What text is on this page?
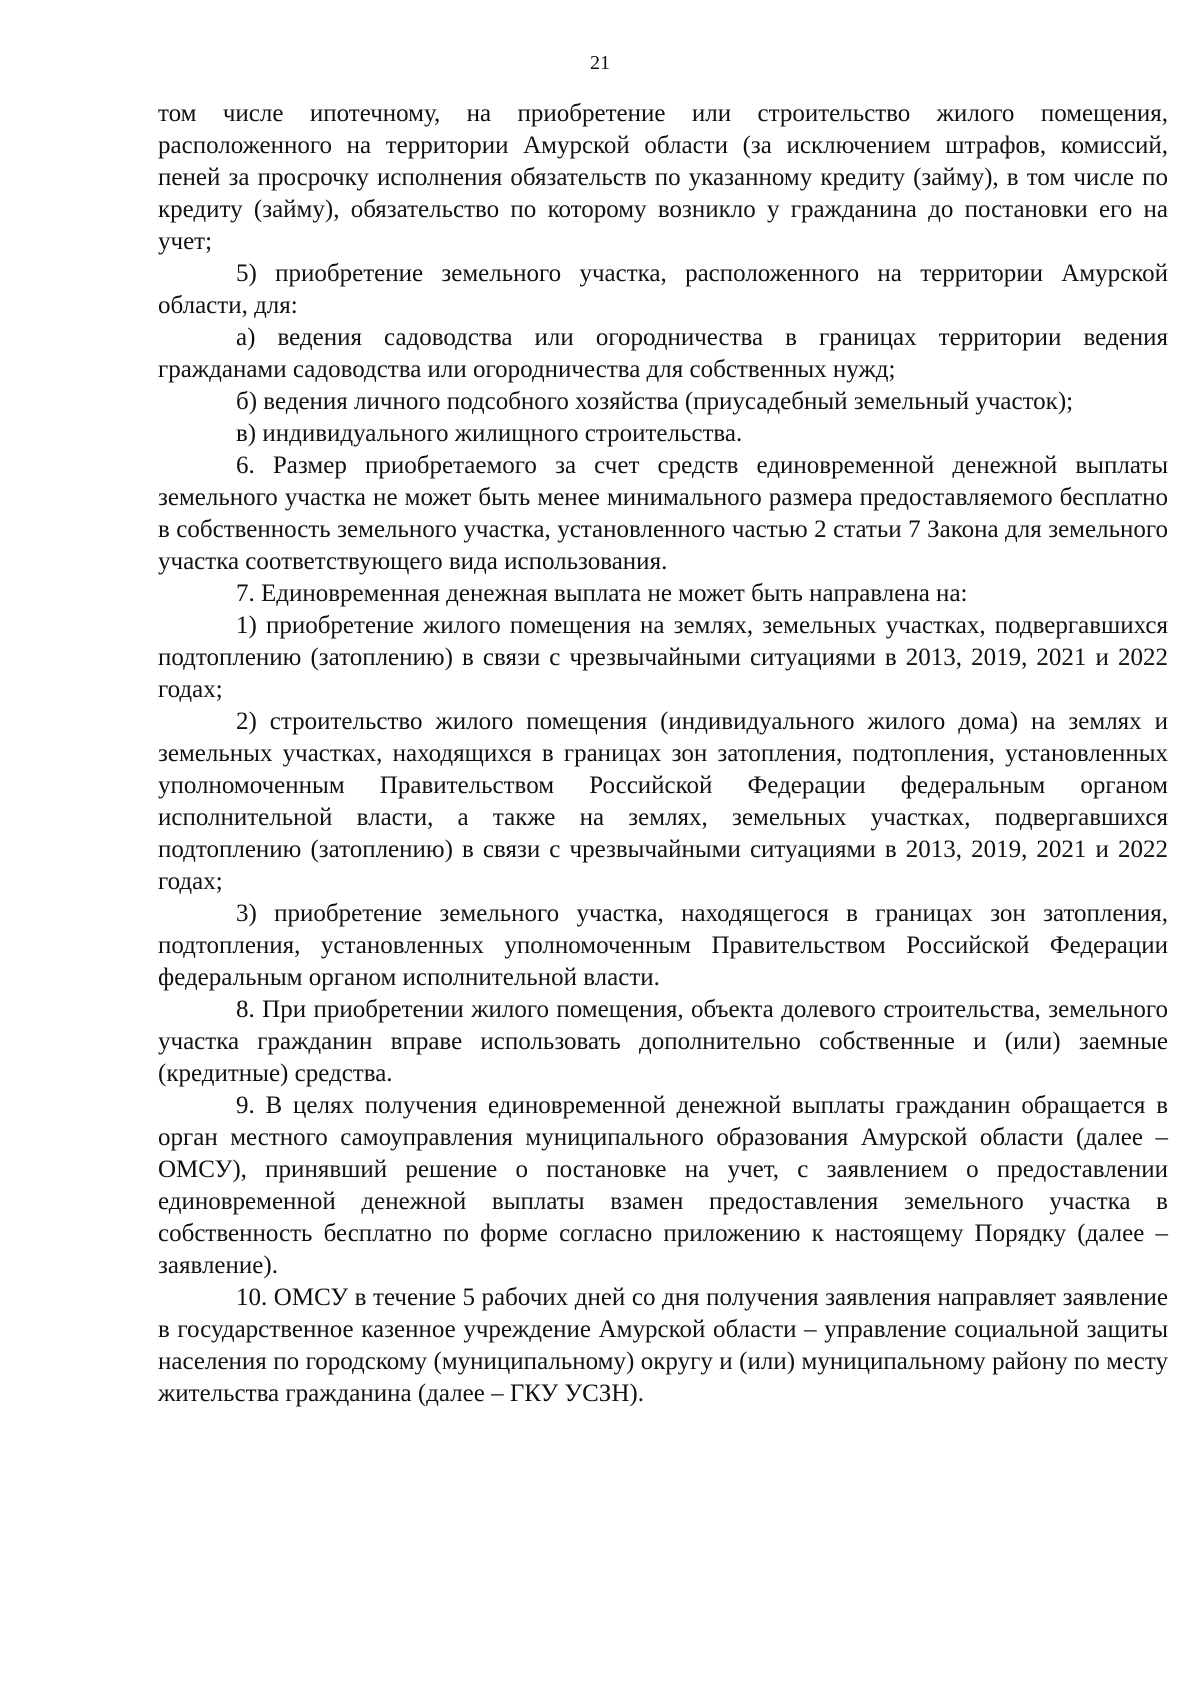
21

том числе ипотечному, на приобретение или строительство жилого помещения, расположенного на территории Амурской области (за исключением штрафов, комиссий, пеней за просрочку исполнения обязательств по указанному кредиту (займу), в том числе по кредиту (займу), обязательство по которому возникло у гражданина до постановки его на учет;

5) приобретение земельного участка, расположенного на территории Амурской области, для:

а) ведения садоводства или огородничества в границах территории ведения гражданами садоводства или огородничества для собственных нужд;

б) ведения личного подсобного хозяйства (приусадебный земельный участок);

в) индивидуального жилищного строительства.

6. Размер приобретаемого за счет средств единовременной денежной выплаты земельного участка не может быть менее минимального размера предоставляемого бесплатно в собственность земельного участка, установленного частью 2 статьи 7 Закона для земельного участка соответствующего вида использования.

7. Единовременная денежная выплата не может быть направлена на:

1) приобретение жилого помещения на землях, земельных участках, подвергавшихся подтоплению (затоплению) в связи с чрезвычайными ситуациями в 2013, 2019, 2021 и 2022 годах;

2) строительство жилого помещения (индивидуального жилого дома) на землях и земельных участках, находящихся в границах зон затопления, подтопления, установленных уполномоченным Правительством Российской Федерации федеральным органом исполнительной власти, а также на землях, земельных участках, подвергавшихся подтоплению (затоплению) в связи с чрезвычайными ситуациями в 2013, 2019, 2021 и 2022 годах;

3) приобретение земельного участка, находящегося в границах зон затопления, подтопления, установленных уполномоченным Правительством Российской Федерации федеральным органом исполнительной власти.

8. При приобретении жилого помещения, объекта долевого строительства, земельного участка гражданин вправе использовать дополнительно собственные и (или) заемные (кредитные) средства.

9. В целях получения единовременной денежной выплаты гражданин обращается в орган местного самоуправления муниципального образования Амурской области (далее – ОМСУ), принявший решение о постановке на учет, с заявлением о предоставлении единовременной денежной выплаты взамен предоставления земельного участка в собственность бесплатно по форме согласно приложению к настоящему Порядку (далее – заявление).

10. ОМСУ в течение 5 рабочих дней со дня получения заявления направляет заявление в государственное казенное учреждение Амурской области – управление социальной защиты населения по городскому (муниципальному) округу и (или) муниципальному району по месту жительства гражданина (далее – ГКУ УСЗН).
